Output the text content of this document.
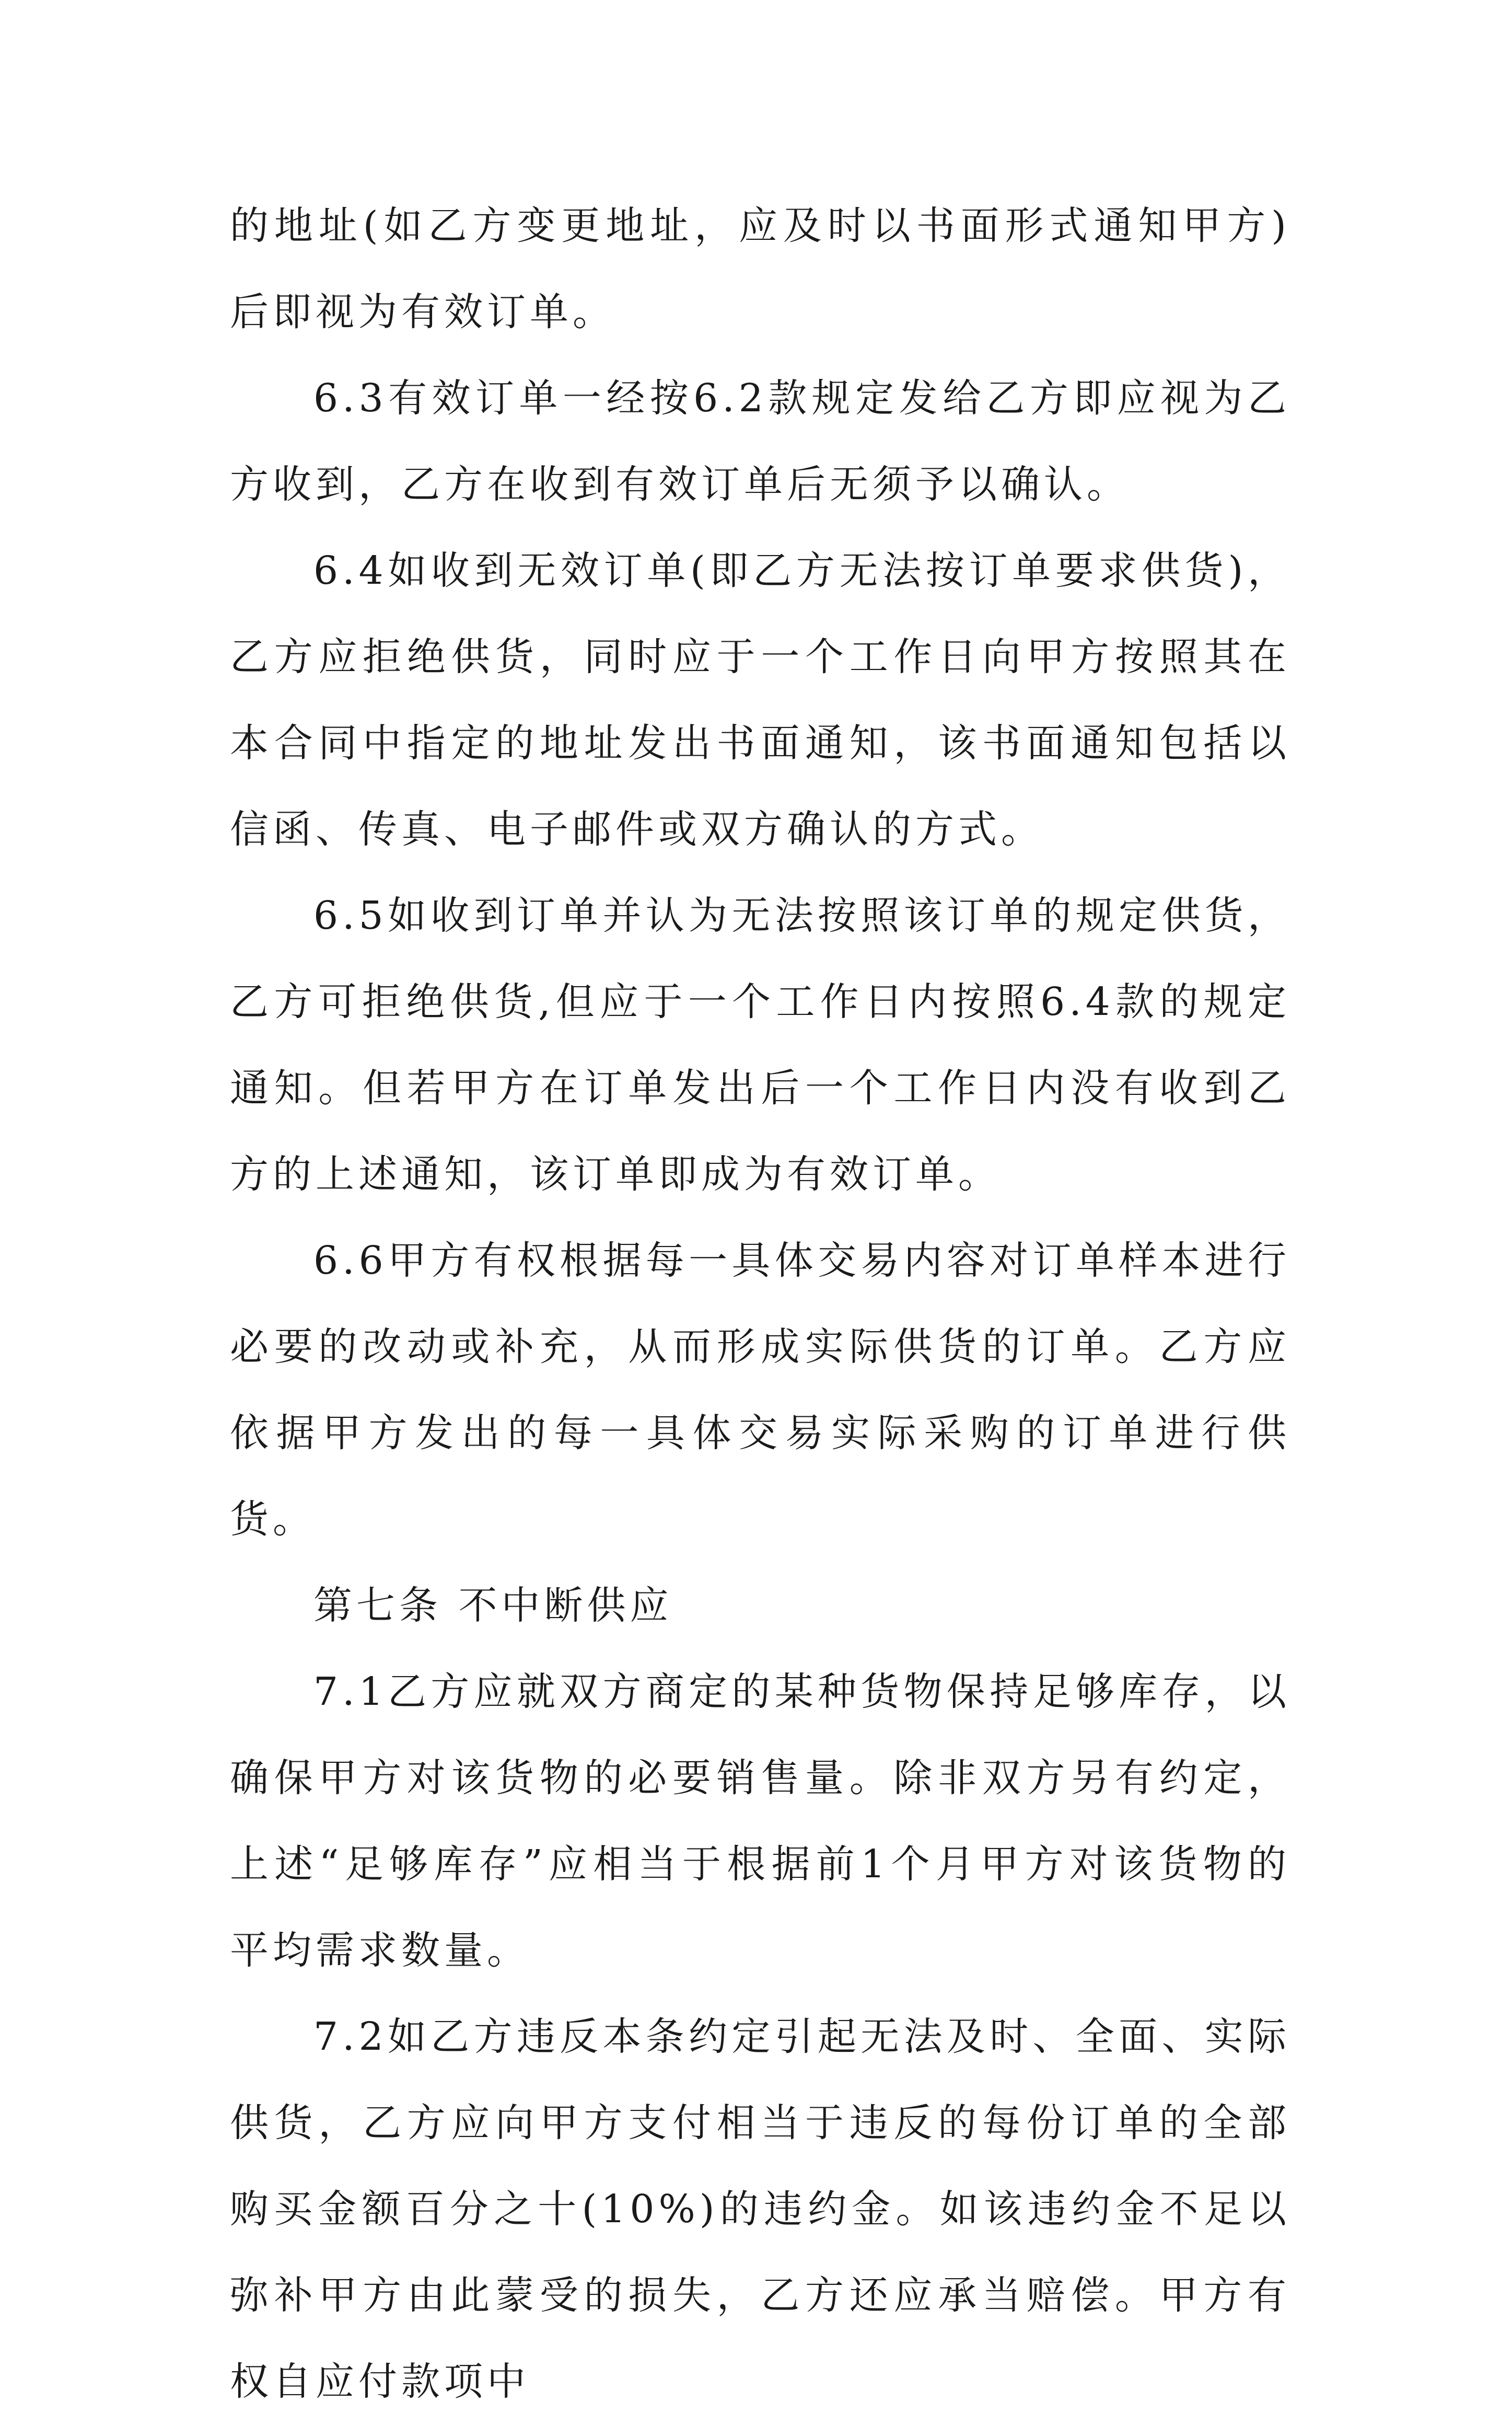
的地址(如乙方变更地址，应及时以书面形式通知甲方)后即视为有效订单。

6.3有效订单一经按6.2款规定发给乙方即应视为乙方收到，乙方在收到有效订单后无须予以确认。

6.4如收到无效订单(即乙方无法按订单要求供货)，乙方应拒绝供货，同时应于一个工作日向甲方按照其在本合同中指定的地址发出书面通知，该书面通知包括以信函、传真、电子邮件或双方确认的方式。

6.5如收到订单并认为无法按照该订单的规定供货，乙方可拒绝供货,但应于一个工作日内按照6.4款的规定通知。但若甲方在订单发出后一个工作日内没有收到乙方的上述通知，该订单即成为有效订单。

6.6甲方有权根据每一具体交易内容对订单样本进行必要的改动或补充，从而形成实际供货的订单。乙方应依据甲方发出的每一具体交易实际采购的订单进行供货。

第七条 不中断供应

7.1乙方应就双方商定的某种货物保持足够库存，以确保甲方对该货物的必要销售量。除非双方另有约定，上述“足够库存”应相当于根据前1个月甲方对该货物的平均需求数量。

7.2如乙方违反本条约定引起无法及时、全面、实际供货，乙方应向甲方支付相当于违反的每份订单的全部购买金额百分之十(10%)的违约金。如该违约金不足以弥补甲方由此蒙受的损失，乙方还应承当赔偿。甲方有权自应付款项中
